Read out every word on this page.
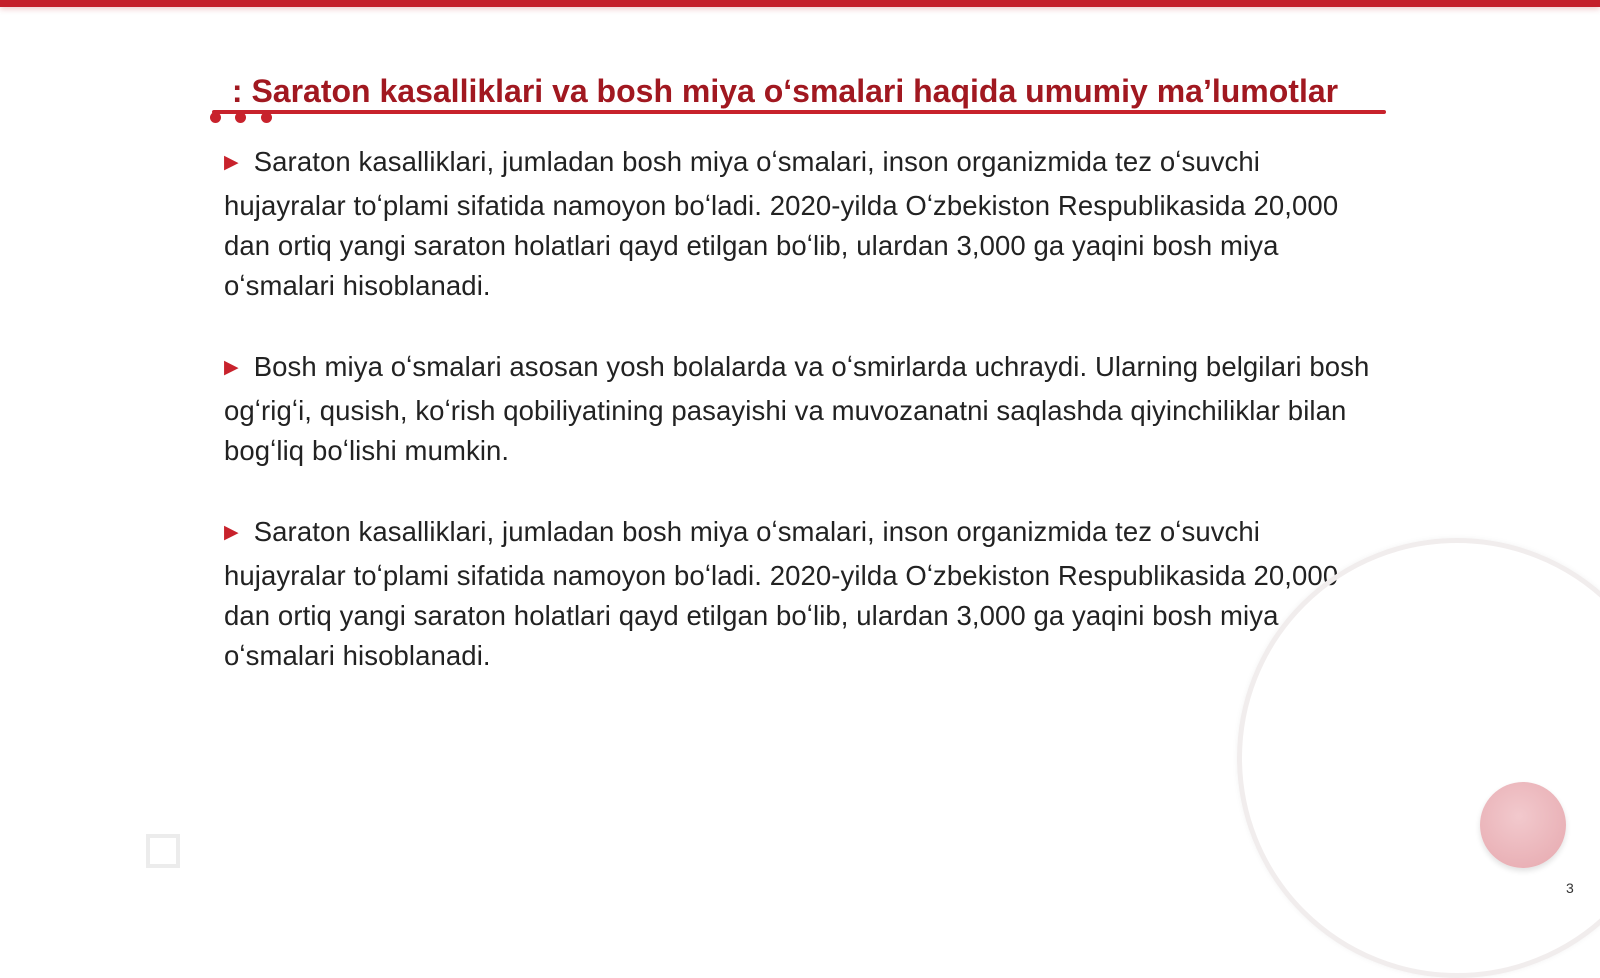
: Saraton kasalliklari va bosh miya oʻsmalari haqida umumiy maʼlumotlar
▶ Saraton kasalliklari, jumladan bosh miya oʻsmalari, inson organizmida tez oʻsuvchi hujayralar toʻplami sifatida namoyon boʻladi. 2020-yilda Oʻzbekiston Respublikasida 20,000 dan ortiq yangi saraton holatlari qayd etilgan boʻlib, ulardan 3,000 ga yaqini bosh miya oʻsmalari hisoblanadi.
▶ Bosh miya oʻsmalari asosan yosh bolalarda va oʻsmirlarda uchraydi. Ularning belgilari bosh ogʻrigʻi, qusish, koʻrish qobiliyatining pasayishi va muvozanatni saqlashda qiyinchiliklar bilan bogʻliq boʻlishi mumkin.
▶ Saraton kasalliklari, jumladan bosh miya oʻsmalari, inson organizmida tez oʻsuvchi hujayralar toʻplami sifatida namoyon boʻladi. 2020-yilda Oʻzbekiston Respublikasida 20,000 dan ortiq yangi saraton holatlari qayd etilgan boʻlib, ulardan 3,000 ga yaqini bosh miya oʻsmalari hisoblanadi.
3
